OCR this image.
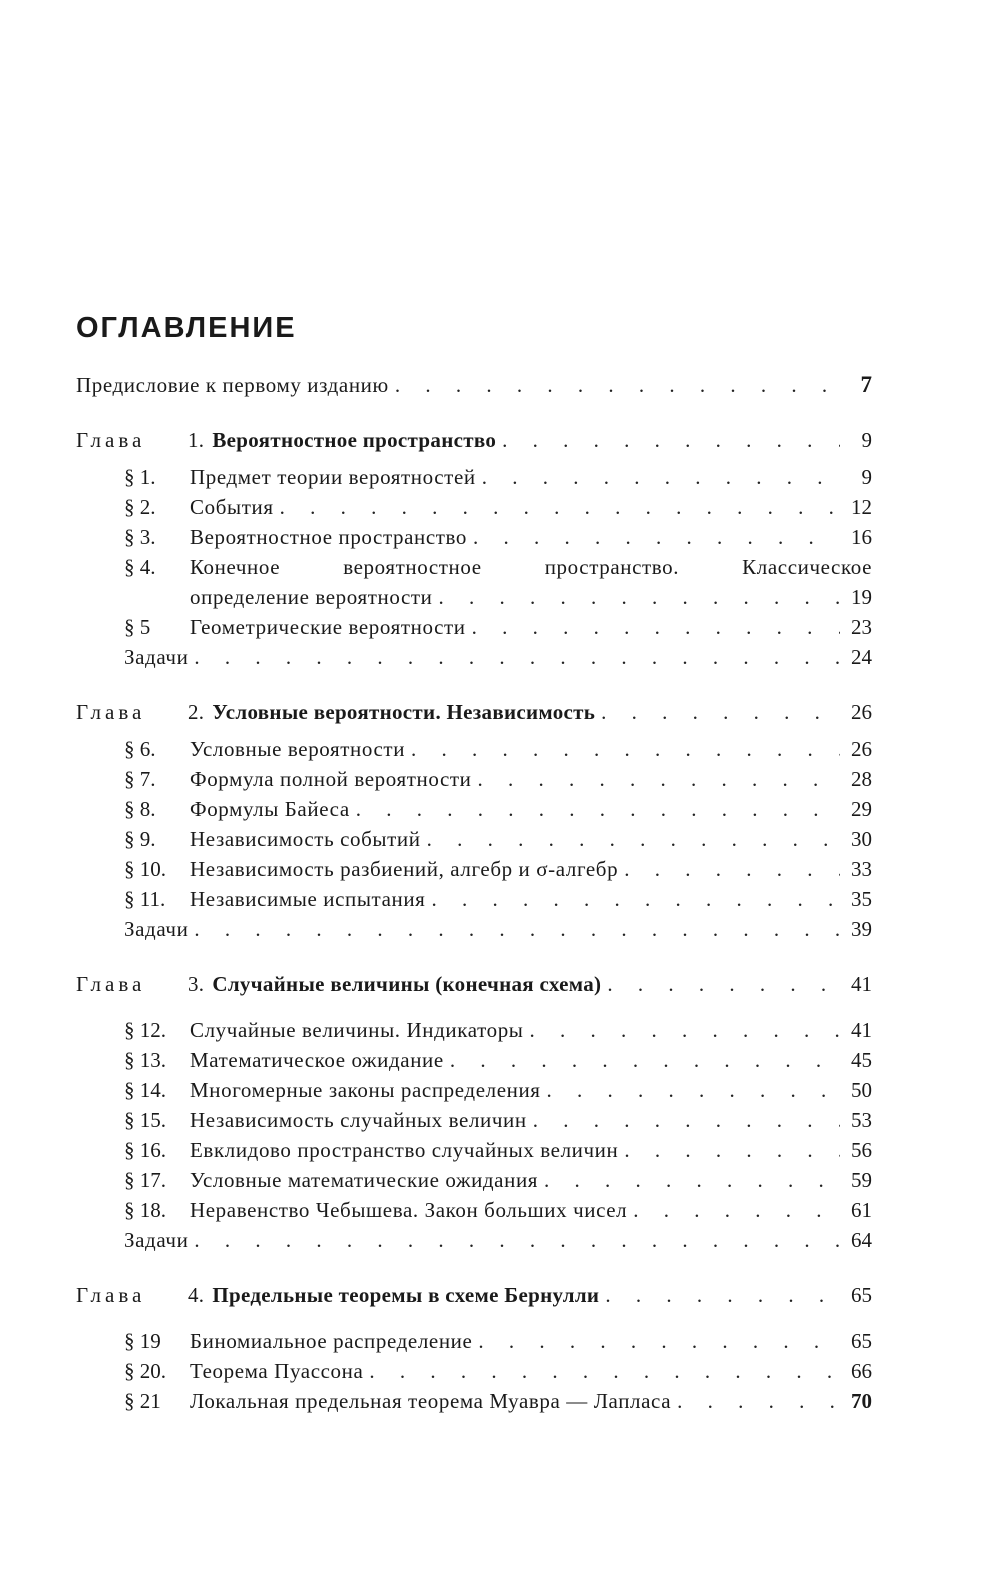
ОГЛАВЛЕНИЕ
Предисловие к первому изданию . . .	7
Глава	1. Вероятностное пространство . . .	9
§ 1.	Предмет теории вероятностей . . .	9
§ 2.	События . . .	12
§ 3.	Вероятностное пространство . . .	16
§ 4.	Конечное вероятностное пространство. Классическое
определение вероятности . . .	19
§ 5	Геометрические вероятности . . .	23
Задачи . . .	24
Глава	2. Условные вероятности. Независимость . . .	26
§ 6.	Условные вероятности . . .	26
§ 7.	Формула полной вероятности . . .	28
§ 8.	Формулы Байеса . . .	29
§ 9.	Независимость событий . . .	30
§ 10.	Независимость разбиений, алгебр и σ-алгебр . . .	33
§ 11.	Независимые испытания . . .	35
Задачи . . .	39
Глава	3. Случайные величины (конечная схема) . . .	41
§ 12.	Случайные величины. Индикаторы . . .	41
§ 13.	Математическое ожидание . . .	45
§ 14.	Многомерные законы распределения . . .	50
§ 15.	Независимость случайных величин . . .	53
§ 16.	Евклидово пространство случайных величин . . .	56
§ 17.	Условные математические ожидания . . .	59
§ 18.	Неравенство Чебышева. Закон больших чисел . . .	61
Задачи . . .	64
Глава	4. Предельные теоремы в схеме Бернулли . . .	65
§ 19	Биномиальное распределение . . .	65
§ 20.	Теорема Пуассона . . .	66
§ 21	Локальная предельная теорема Муавра — Лапласа . . .	70
